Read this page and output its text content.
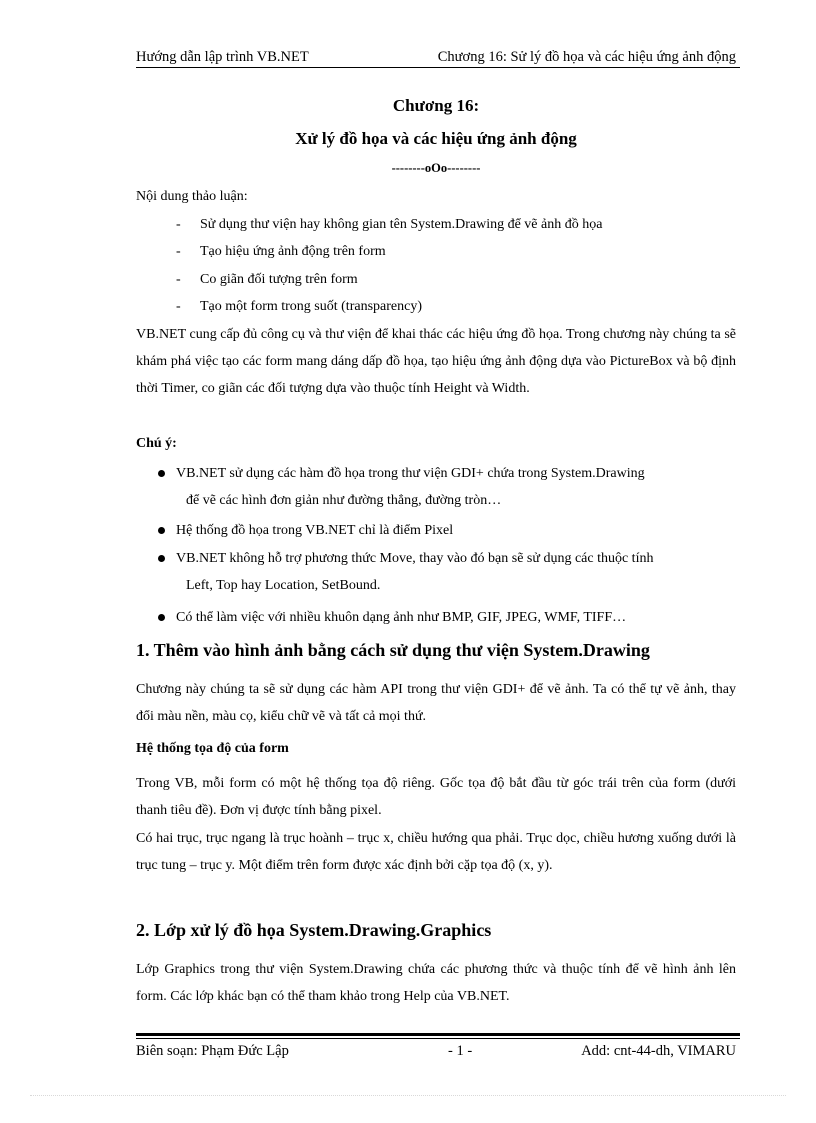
Hướng dẫn lập trình VB.NET	Chương 16: Sử lý đồ họa và các hiệu ứng ảnh động
Chương 16:
Xử lý đồ họa và các hiệu ứng ảnh động
--------oOo--------
Nội dung thảo luận:
- Sử dụng thư viện hay không gian tên System.Drawing để vẽ ảnh đồ họa
- Tạo hiệu ứng ảnh động trên form
- Co giãn đối tượng trên form
- Tạo một form trong suốt (transparency)
VB.NET cung cấp đủ công cụ và thư viện để khai thác các hiệu ứng đồ họa. Trong chương này chúng ta sẽ khám phá việc tạo các form mang dáng dấp đồ họa, tạo hiệu ứng ảnh động dựa vào PictureBox và bộ định thời Timer, co giãn các đối tượng dựa vào thuộc tính Height và Width.
Chú ý:
VB.NET sử dụng các hàm đồ họa trong thư viện GDI+ chứa trong System.Drawing
để vẽ các hình đơn giản như đường thẳng, đường tròn…
Hệ thống đồ họa trong VB.NET chỉ là điểm Pixel
VB.NET không hỗ trợ phương thức Move, thay vào đó bạn sẽ sử dụng các thuộc tính
Left, Top hay Location, SetBound.
Có thể làm việc với nhiều khuôn dạng ảnh như BMP, GIF, JPEG, WMF, TIFF…
1. Thêm vào hình ảnh bằng cách sử dụng thư viện System.Drawing
Chương này chúng ta sẽ sử dụng các hàm API trong thư viện GDI+ để vẽ ảnh. Ta có thể tự vẽ ảnh, thay đổi màu nền, màu cọ, kiểu chữ vẽ và tất cả mọi thứ.
Hệ thống tọa độ của form
Trong VB, mỗi form có một hệ thống tọa độ riêng. Gốc tọa độ bắt đầu từ góc trái trên của form (dưới thanh tiêu đề). Đơn vị được tính bằng pixel.
Có hai trục, trục ngang là trục hoành – trục x, chiều hướng qua phải. Trục dọc, chiều hương xuống dưới là trục tung – trục y. Một điểm trên form được xác định bởi cặp tọa độ (x, y).
2. Lớp xử lý đồ họa System.Drawing.Graphics
Lớp Graphics trong thư viện System.Drawing chứa các phương thức và thuộc tính để vẽ hình ảnh lên form. Các lớp khác bạn có thể tham khảo trong Help của VB.NET.
Biên soạn: Phạm Đức Lập	- 1 -	Add: cnt-44-dh, VIMARU
